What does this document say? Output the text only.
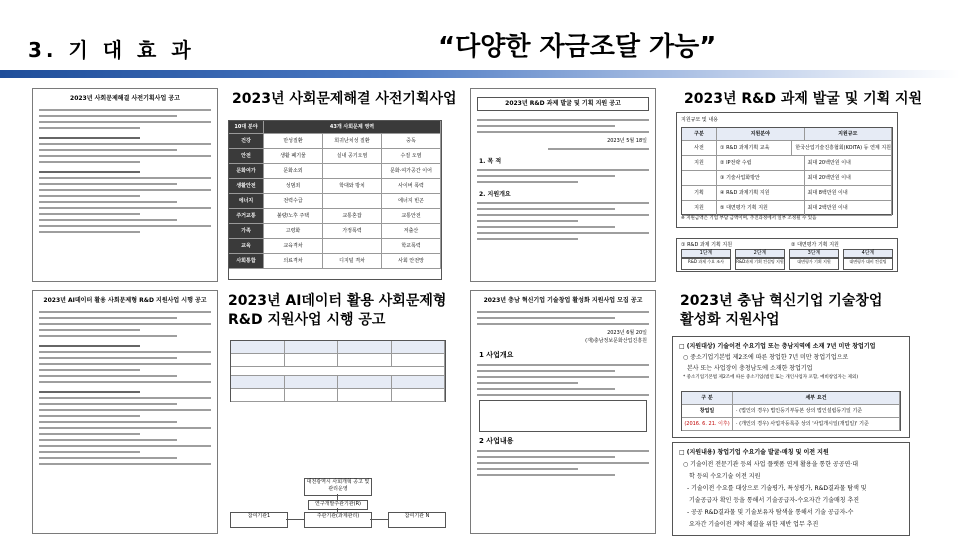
3. 기 대 효 과	“다양한 자금조달 가능”
2023년 사회문제해결 사전기획사업	2023년 R&D 과제 발굴 및 기획 지원
2023년 AI데이터 활용 사회문제형
R&D 지원사업 시행 공고
2023년 충남 혁신기업 기술창업
활성화 지원사업
2023년 사회문제해결 사전기획사업 공고
10대 분야	43개 사회문제 영역
건강	만성질환	희귀난치성 질환	중독
안전	생활 폐기물	실내 공기오염	수질 오염
문화여가	문화소외	문화·여가공간 이어
생활안전	성범죄	학대와 방치	사이버 폭력
에너지	전력수급	에너지 빈곤
주거교통	불량/노후 주택	교통혼잡	교통안전
가족	고령화	가정폭력	저출산
교육	교육격차	학교폭력
사회통합	의료격차	디지털 격차	사회 안전망
2023년 R&D 과제 발굴 및 기획 지원 공고
2023년 5월 18일
1. 목 적
2. 지원개요
지원규모 및 내용
구분	지원분야	지원규모
사전	① R&D 과제기획 교육	한국산업기술진흥협회(KOITA) 등 연계 지원
지원	② IP전략 수립	최대 20백만원 이내
③ 기술사업화방안	최대 20백만원 이내
기획	④ R&D 과제기획 지원	최대 8백만원 이내
지원	⑤ 대면평가 기획 지원	최대 2백만원 이내
※ 지원금액은 기업 부담 금액이며, 추진과정에서 일부 조정될 수 있음
① R&D 과제 기획 지원	② 대면평가 기획 지원
1단계
R&D 과제 수요 조사
2단계
R&D과제 기획 컨설팅 지원
3단계
대면평가 기획 지원
4단계
대면평가 대비 컨설팅
2023년 AI데이터 활용 사회문제형 R&D 지원사업 시행 공고
대전광역시 사회개혁 공고 및 관리운영
연구개발주관기관(R)
주관기관(과제관리)
참여기관1	참여기관 N
2023년 충남 혁신기업 기술창업 활성화 지원사업 모집 공고
2023년 6월 20일
(재)충남정보문화산업진흥원
1 사업개요
2 사업내용
□ (지원대상) 기술이전 수요기업 또는 충남지역에 소재 7년 미만 창업기업
○ 중소기업기본법 제2조에 따른 창업한 7년 미만 창업기업으로
본사 또는 사업장이 충청남도에 소재한 창업기업
* 중소기업기본법 제2조에 따른 중소기업(법인 또는 개인사업자 포함, 예비창업자는 제외)
구 분	세부 요건
창업일	· (법인의 경우) 법인등기부등본 상의 법인설립등기일 기준
(2016. 6. 21. 이후)	· (개인의 경우) 사업자등록증 상의 '사업개시일(개업일)' 기준
□ (지원내용) 창업기업 수요기술 발굴·매칭 및 이전 지원
○ 기술이전 전문기관 등의 사업 플랫폼 연계 활용을 통한 공공연·대
학 등의 수요기술 이전 지원
- 기술이전 수요를 대상으로 기술평가, 특성평가, R&D결과물 탐색 및
기술공급자 확인 등을 통해서 기술공급자-수요자간 기술매칭 추진
- 공공 R&D결과물 및 기술보유자 탐색을 통해서 기술 공급자-수
요자간 기술이전 계약 체결을 위한 제반 업무 추진
